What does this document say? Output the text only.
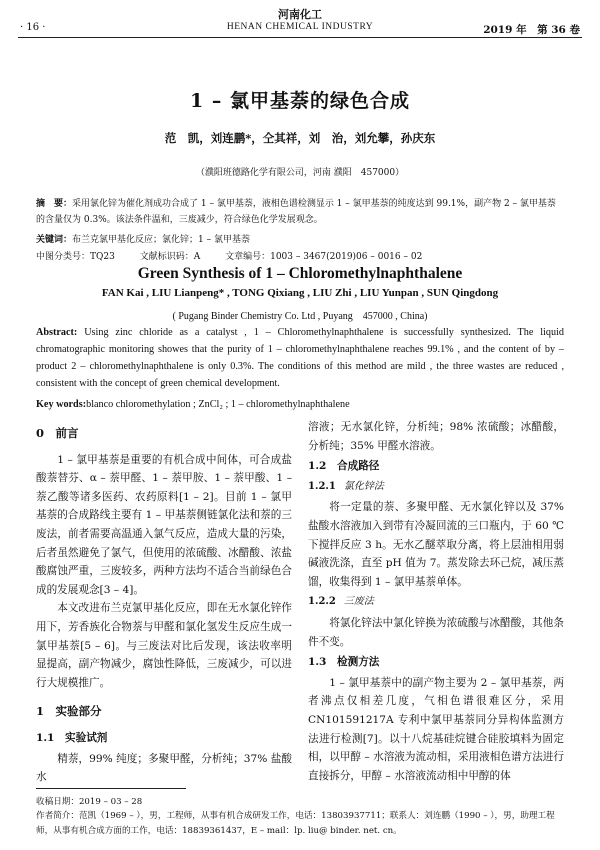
河南化工
· 16 ·	HENAN CHEMICAL INDUSTRY	2019 年　第 36 卷
1 – 氯甲基萘的绿色合成
范　凯，刘连鹏*，仝其祥，刘　治，刘允攀，孙庆东
（濮阳班德路化学有限公司，河南 濮阳　457000）
摘　要：采用氯化锌为催化剂成功合成了 1 – 氯甲基萘，液相色谱检测显示 1 – 氯甲基萘的纯度达到 99.1%，副产物 2 – 氯甲基萘的含量仅为 0.3%。该法条件温和，三废减少，符合绿色化学发展观念。
关键词：布兰克氯甲基化反应；氯化锌；1 – 氯甲基萘
中图分类号：TQ23	文献标识码：A	文章编号：1003 – 3467(2019)06 – 0016 – 02
Green Synthesis of 1 – Chloromethylnaphthalene
FAN Kai , LIU Lianpeng* , TONG Qixiang , LIU Zhi , LIU Yunpan , SUN Qingdong
( Pugang Binder Chemistry Co. Ltd , Puyang　457000 , China)
Abstract: Using zinc chloride as a catalyst , 1 – Chloromethylnaphthalene is successfully synthesized. The liquid chromatographic monitoring showes that the purity of 1 – chloromethylnaphthalene reaches 99.1% , and the content of by – product 2 – chloromethylnaphthalene is only 0.3%. The conditions of this method are mild , the three wastes are reduced , consistent with the concept of green chemical development.
Key words:blanco chloromethylation ; ZnCl₂ ; 1 – chloromethylnaphthalene
0　前言

1 – 氯甲基萘是重要的有机合成中间体，可合成盐酸萘替芬、α – 萘甲醛、1 – 萘甲胺、1 – 萘甲酸、1 – 萘乙酸等诸多医药、农药原料[1 – 2]。目前 1 – 氯甲基萘的合成路线主要有 1 – 甲基萘侧链氯化法和萘的三废法，前者需要高温通入氯气反应，造成大量的污染，后者虽然避免了氯气，但使用的浓硫酸、冰醋酸、浓盐酸腐蚀严重，三废较多，两种方法均不适合当前绿色合成的发展观念[3 – 4]。

本文改进布兰克氯甲基化反应，即在无水氯化锌作用下，芳香族化合物萘与甲醛和氯化氢发生反应生成一氯甲基萘[5 – 6]。与三废法对比后发现，该法收率明显提高，副产物减少，腐蚀性降低，三废减少，可以进行大规模推广。

1　实验部分
1.1　实验试剂

精萘，99% 纯度；多聚甲醛，分析纯；37% 盐酸水

溶液；无水氯化锌，分析纯；98% 浓硫酸；冰醋酸，分析纯；35% 甲醛水溶液。

1.2　合成路径
1.2.1 氯化锌法

将一定量的萘、多聚甲醛、无水氯化锌以及 37% 盐酸水溶液加入到带有冷凝回流的三口瓶内，于 60 ℃ 下搅拌反应 3 h。无水乙醚萃取分离，将上层油相用弱碱液洗涤，直至 pH 值为 7。蒸发除去环己烷，减压蒸馏，收集得到 1 – 氯甲基萘单体。

1.2.2 三废法

将氯化锌法中氯化锌换为浓硫酸与冰醋酸，其他条件不变。

1.3　检测方法

1 – 氯甲基萘中的副产物主要为 2 – 氯甲基萘，两者沸点仅相差几度，气相色谱很难区分，采用 CN101591217A 专利中氯甲基萘同分异构体监测方法进行检测[7]。以十八烷基硅烷键合硅胶填料为固定相，以甲醇 – 水溶液为流动相，采用液相色谱方法进行直接拆分，甲醇 – 水溶液流动相中甲醇的体

收稿日期：2019 – 03 – 28
作者简介：范凯（1969 – ），男，工程师，从事有机合成研发工作，电话：13803937711；联系人：刘连鹏（1990 – ），男，助理工程师，从事有机合成方面的工作，电话：18839361437，E – mail：lp. liu@ binder. net. cn。
